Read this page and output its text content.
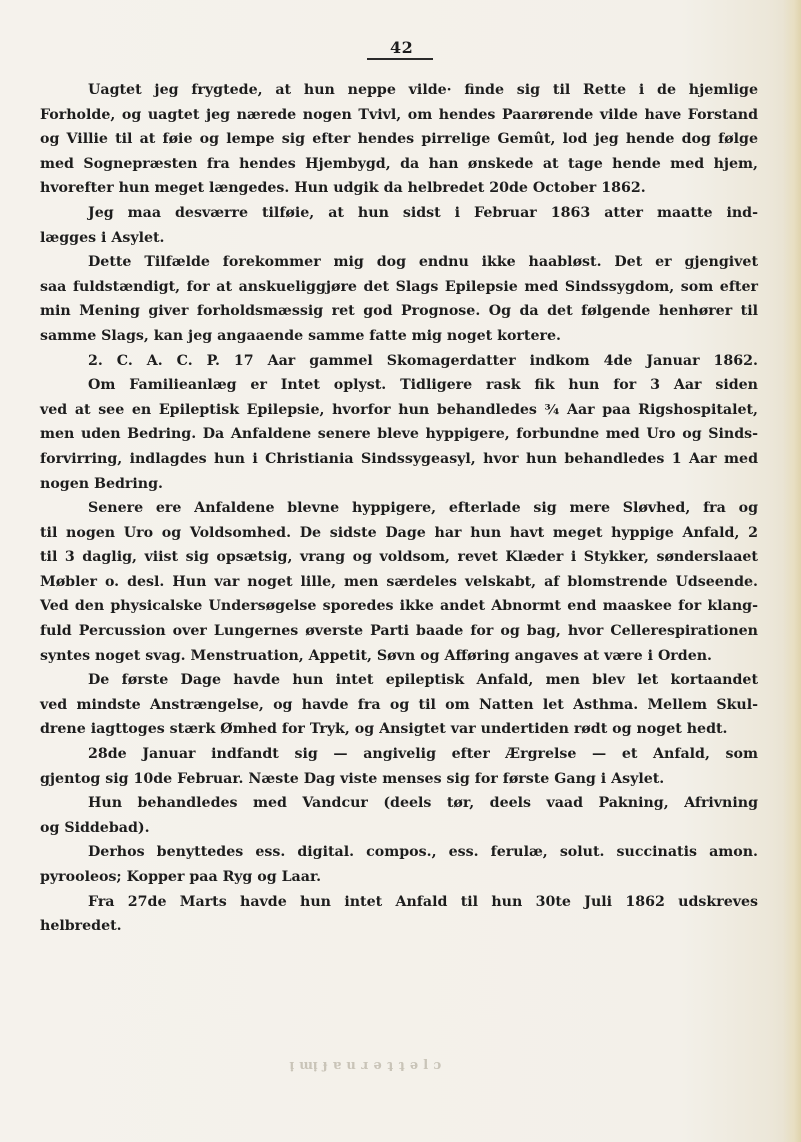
42
Uagtet jeg frygtede, at hun neppe vilde· finde sig til Rette i de hjemlige
Forholde, og uagtet jeg nærede nogen Tvivl, om hendes Paarørende vilde have Forstand
og Villie til at føie og lempe sig efter hendes pirrelige Gemût, lod jeg hende dog følge
med Sognepræsten fra hendes Hjembygd, da han ønskede at tage hende med hjem,
hvorefter hun meget længedes. Hun udgik da helbredet 20de October 1862.
Jeg maa desværre tilføie, at hun sidst i Februar 1863 atter maatte ind-
lægges i Asylet.
Dette Tilfælde forekommer mig dog endnu ikke haabløst. Det er gjengivet
saa fuldstændigt, for at anskueliggjøre det Slags Epilepsie med Sindssygdom, som efter
min Mening giver forholdsmæssig ret god Prognose. Og da det følgende henhører til
samme Slags, kan jeg angaaende samme fatte mig noget kortere.
2. C. A. C. P. 17 Aar gammel Skomagerdatter indkom 4de Januar 1862.
Om Familieanlæg er Intet oplyst. Tidligere rask fik hun for 3 Aar siden
ved at see en Epileptisk Epilepsie, hvorfor hun behandledes ¾ Aar paa Rigshospitalet,
men uden Bedring. Da Anfaldene senere bleve hyppigere, forbundne med Uro og Sinds-
forvirring, indlagdes hun i Christiania Sindssygeasyl, hvor hun behandledes 1 Aar med
nogen Bedring.
Senere ere Anfaldene blevne hyppigere, efterlade sig mere Sløvhed, fra og
til nogen Uro og Voldsomhed. De sidste Dage har hun havt meget hyppige Anfald, 2
til 3 daglig, viist sig opsætsig, vrang og voldsom, revet Klæder i Stykker, sønderslaaet
Møbler o. desl. Hun var noget lille, men særdeles velskabt, af blomstrende Udseende.
Ved den physicalske Undersøgelse sporedes ikke andet Abnormt end maaskee for klang-
fuld Percussion over Lungernes øverste Parti baade for og bag, hvor Cellerespirationen
syntes noget svag. Menstruation, Appetit, Søvn og Afføring angaves at være i Orden.
De første Dage havde hun intet epileptisk Anfald, men blev let kortaandet
ved mindste Anstrængelse, og havde fra og til om Natten let Asthma. Mellem Skul-
drene iagttoges stærk Ømhed for Tryk, og Ansigtet var undertiden rødt og noget hedt.
28de Januar indfandt sig — angivelig efter Ærgrelse — et Anfald, som
gjentog sig 10de Februar. Næste Dag viste menses sig for første Gang i Asylet.
Hun behandledes med Vandcur (deels tør, deels vaad Pakning, Afrivning
og Siddebad).
Derhos benyttedes ess. digital. compos., ess. ferulæ, solut. succinatis amon.
pyrooleos; Kopper paa Ryg og Laar.
Fra 27de Marts havde hun intet Anfald til hun 30te Juli 1862 udskreves
helbredet.
ᴉ ɯᴉ ɟ ɐ u ɹ ǝ ʇ ʇ ǝ l ɔ
